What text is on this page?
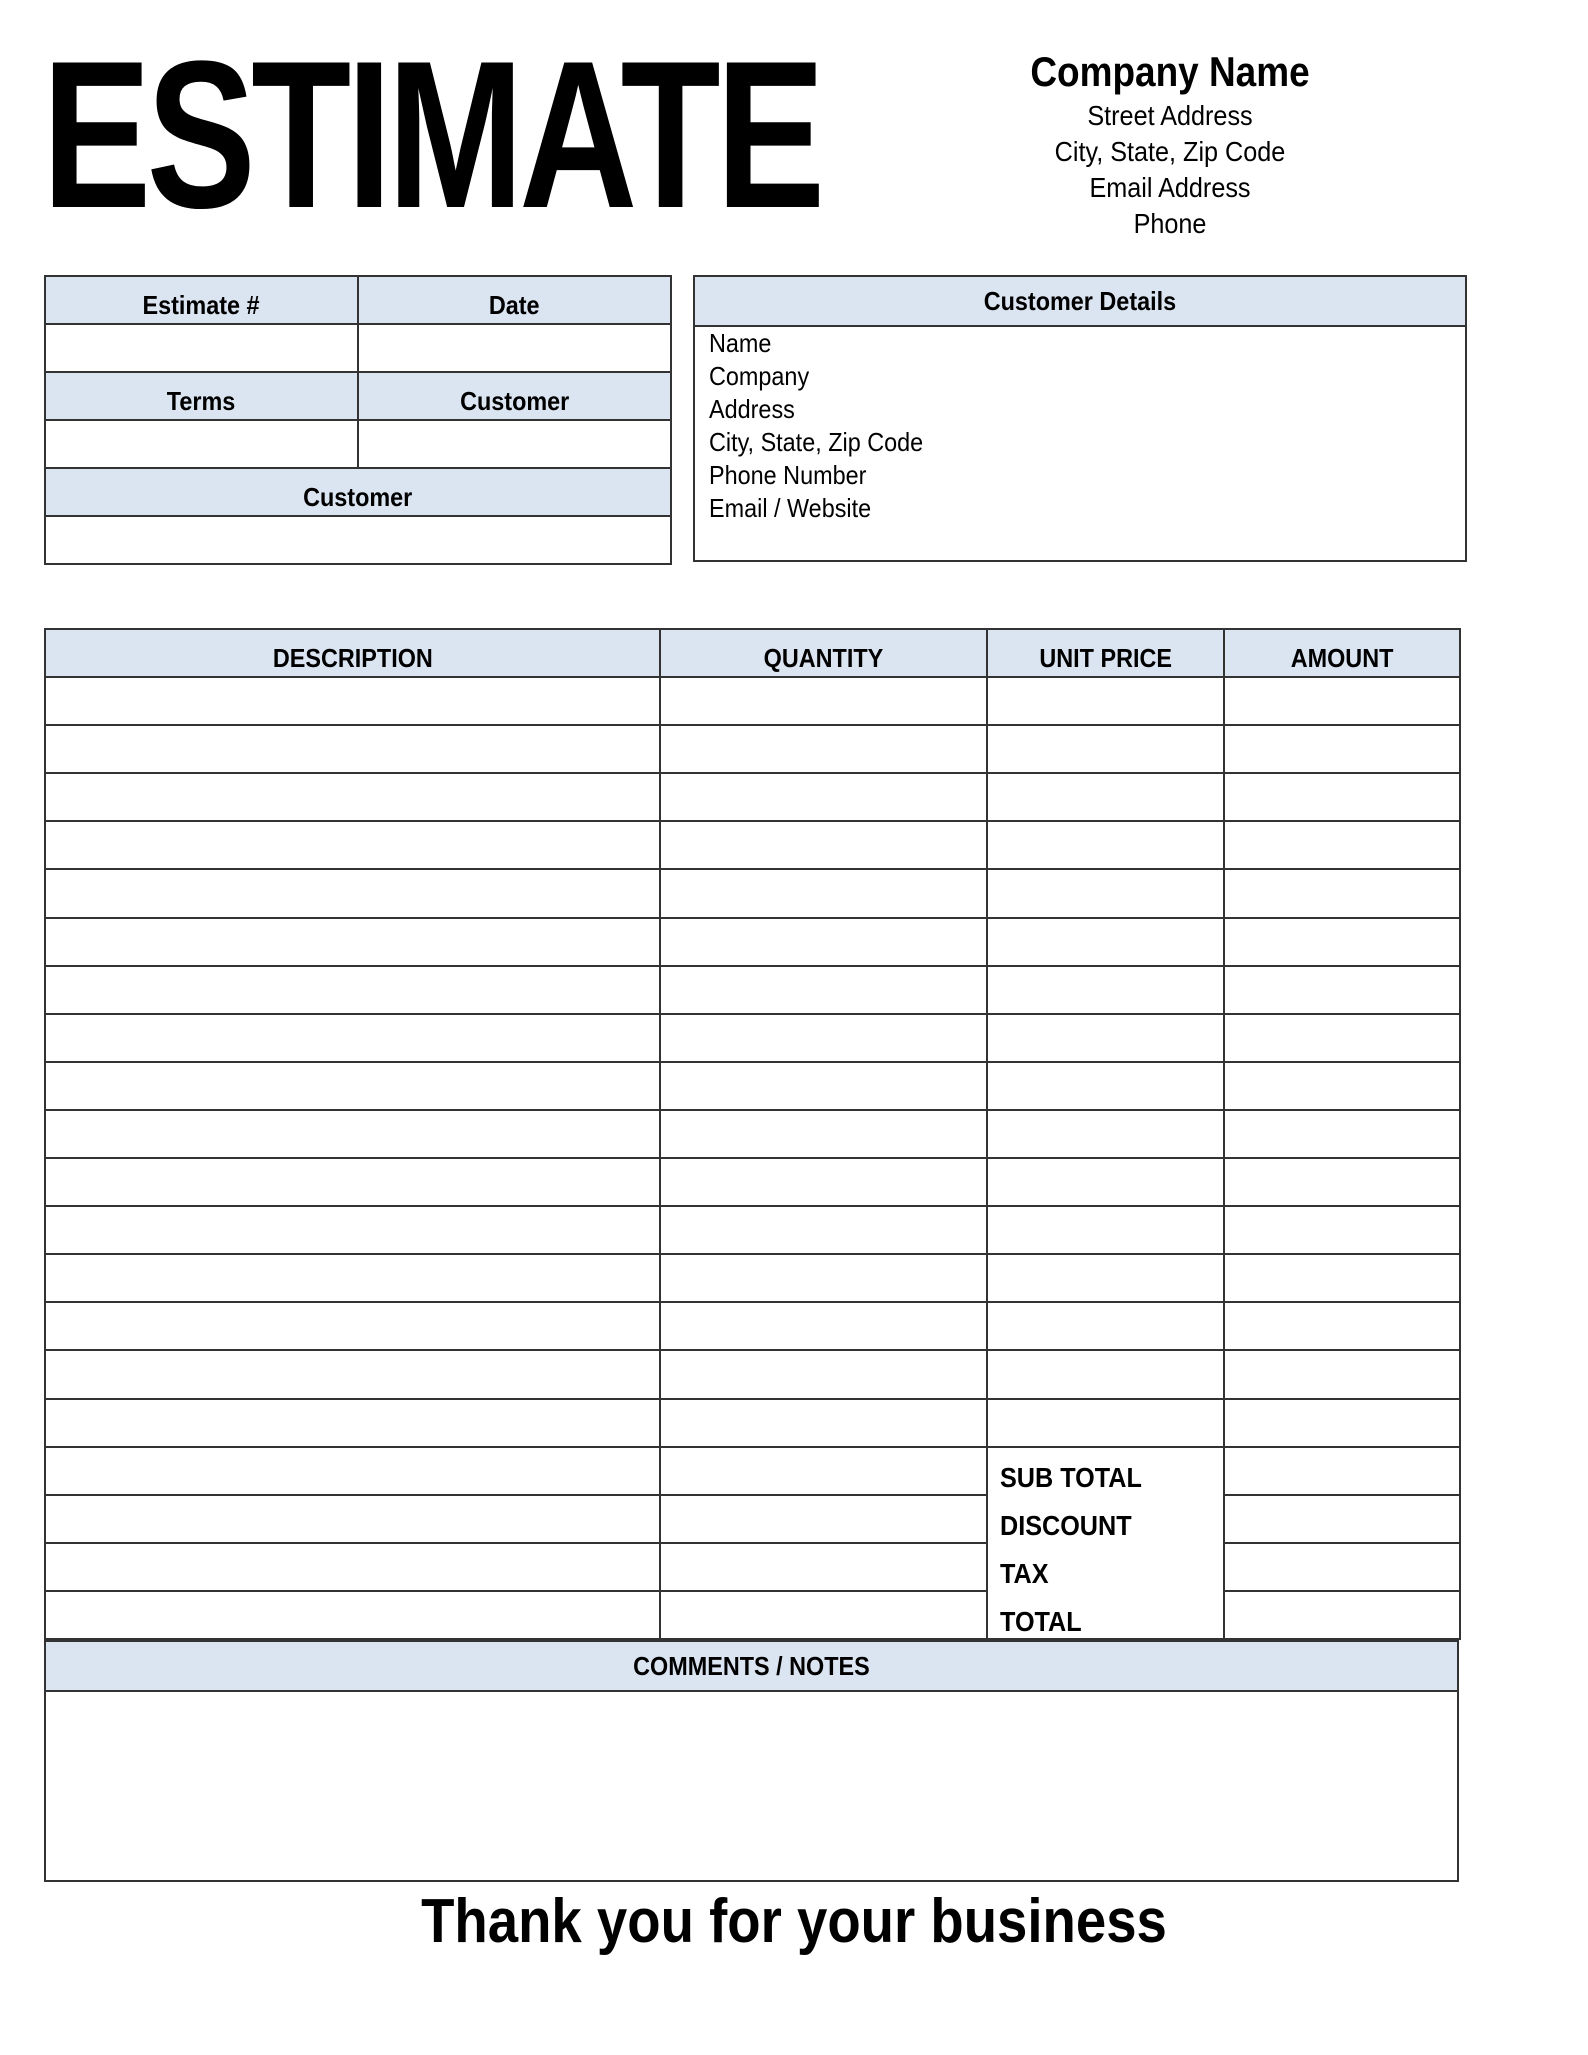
ESTIMATE	Company Name
Street Address
City, State, Zip Code
Email Address
Phone
Estimate #	Date

Terms	Customer

Customer	

Customer Details
Name
Company
Address
City, State, Zip Code
Phone Number
Email / Website
DESCRIPTION	QUANTITY	UNIT PRICE	AMOUNT

		SUB TOTAL	
		DISCOUNT	
		TAX	
		TOTAL	
COMMENTS / NOTES
Thank you for your business
